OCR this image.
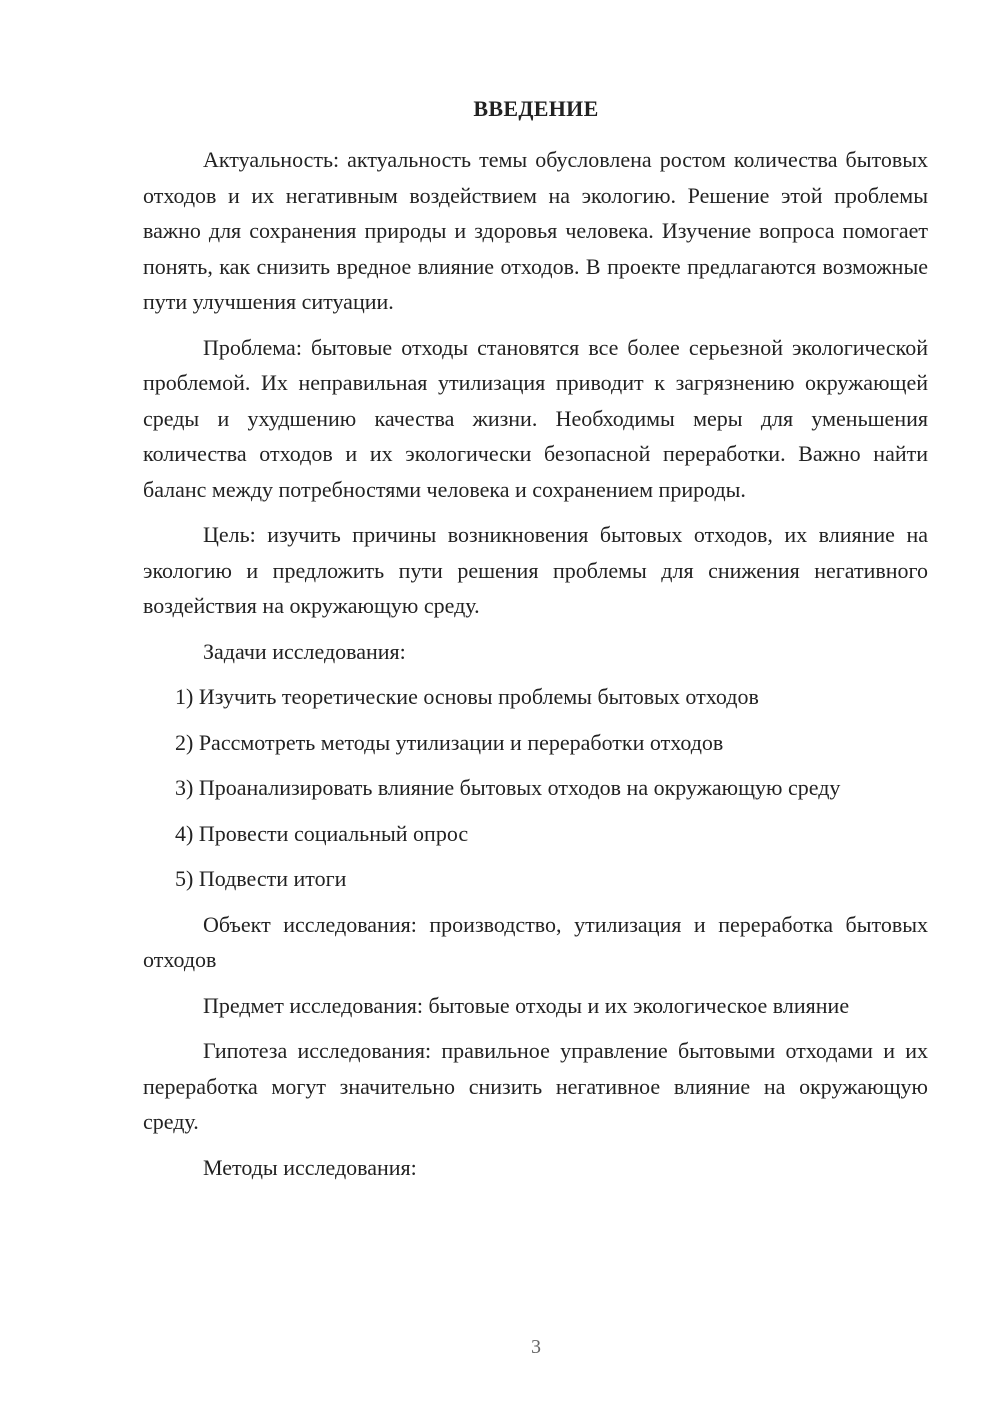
ВВЕДЕНИЕ

Актуальность: актуальность темы обусловлена ростом количества бытовых отходов и их негативным воздействием на экологию. Решение этой проблемы важно для сохранения природы и здоровья человека. Изучение вопроса помогает понять, как снизить вредное влияние отходов. В проекте предлагаются возможные пути улучшения ситуации.

Проблема: бытовые отходы становятся все более серьезной экологической проблемой. Их неправильная утилизация приводит к загрязнению окружающей среды и ухудшению качества жизни. Необходимы меры для уменьшения количества отходов и их экологически безопасной переработки. Важно найти баланс между потребностями человека и сохранением природы.

Цель: изучить причины возникновения бытовых отходов, их влияние на экологию и предложить пути решения проблемы для снижения негативного воздействия на окружающую среду.

Задачи исследования:

1) Изучить теоретические основы проблемы бытовых отходов

2) Рассмотреть методы утилизации и переработки отходов

3) Проанализировать влияние бытовых отходов на окружающую среду

4) Провести социальный опрос

5) Подвести итоги

Объект исследования: производство, утилизация и переработка бытовых отходов

Предмет исследования: бытовые отходы и их экологическое влияние

Гипотеза исследования: правильное управление бытовыми отходами и их переработка могут значительно снизить негативное влияние на окружающую среду.

Методы исследования:

3
